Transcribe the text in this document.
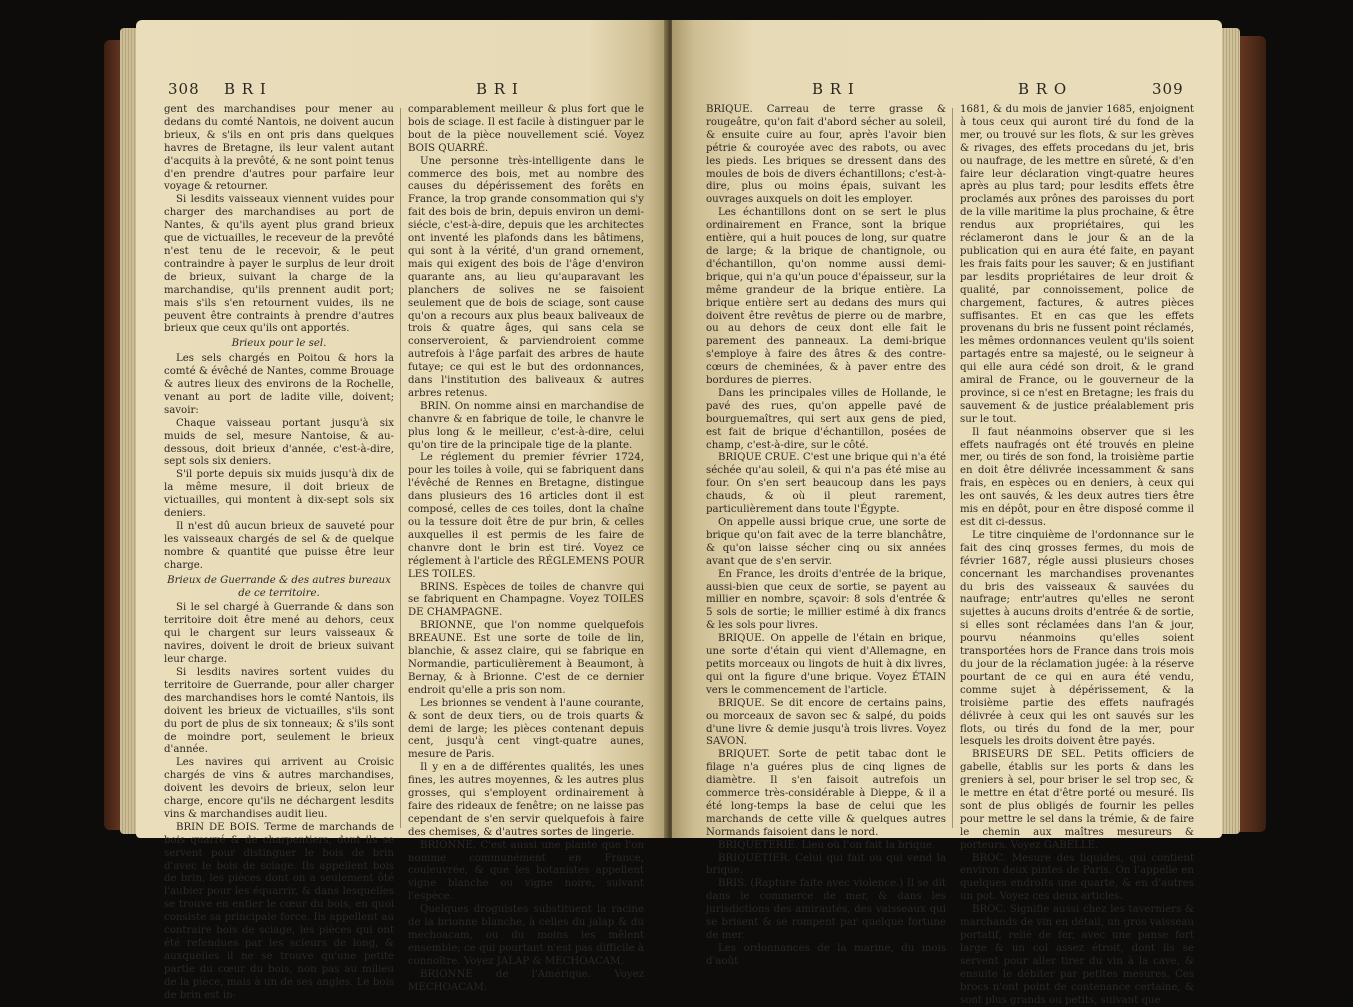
308 B R I	B R I

gent des marchandises pour mener au dedans du comté Nantois, ne doivent aucun brieux, & s'ils en ont pris dans quelques havres de Bretagne, ils leur valent autant d'acquits à la prevôté, & ne sont point tenus d'en prendre d'autres pour parfaire leur voyage & retourner.

Si lesdits vaisseaux viennent vuides pour charger des marchandises au port de Nantes, & qu'ils ayent plus grand brieux que de victuailles, le receveur de la prevôté n'est tenu de le recevoir, & le peut contraindre à payer le surplus de leur droit de brieux, suivant la charge de la marchandise, qu'ils prennent audit port; mais s'ils s'en retournent vuides, ils ne peuvent être contraints à prendre d'autres brieux que ceux qu'ils ont apportés.

Brieux pour le sel.

Les sels chargés en Poitou & hors la comté & évêché de Nantes, comme Brouage & autres lieux des environs de la Rochelle, venant au port de ladite ville, doivent; savoir:

Chaque vaisseau portant jusqu'à six muids de sel, mesure Nantoise, & au-dessous, doit brieux d'année, c'est-à-dire, sept sols six deniers.

S'il porte depuis six muids jusqu'à dix de la même mesure, il doit brieux de victuailles, qui montent à dix-sept sols six deniers.

Il n'est dû aucun brieux de sauveté pour les vaisseaux chargés de sel & de quelque nombre & quantité que puisse être leur charge.

Brieux de Guerrande & des autres bureaux de ce territoire.

Si le sel chargé à Guerrande & dans son territoire doit être mené au dehors, ceux qui le chargent sur leurs vaisseaux & navires, doivent le droit de brieux suivant leur charge.

Si lesdits navires sortent vuides du territoire de Guerrande, pour aller charger des marchandises hors le comté Nantois, ils doivent les brieux de victuailles, s'ils sont du port de plus de six tonneaux; & s'ils sont de moindre port, seulement le brieux d'année.

Les navires qui arrivent au Croisic chargés de vins & autres marchandises, doivent les devoirs de brieux, selon leur charge, encore qu'ils ne déchargent lesdits vins & marchandises audit lieu.

BRIN DE BOIS. Terme de marchands de bois quarré & de charpentiers, dont ils se servent pour distinguer le bois de brin d'avec le bois de sciage. Ils appellent bois de brin, les pièces dont on a seulement ôté l'aubier pour les équarrir, & dans lesquelles se trouve en entier le cœur du bois, en quoi consiste sa principale force. Ils appellent au contraire bois de sciage, les pièces qui ont été refendues par les scieurs de long, & auxquelles il ne se trouve qu'une petite partie du cœur du bois, non pas au milieu de la pièce, mais à un de ses angles. Le bois de brin est in-

comparablement meilleur & plus fort que le bois de sciage. Il est facile à distinguer par le bout de la pièce nouvellement scié. Voyez BOIS QUARRÉ.

Une personne très-intelligente dans le commerce des bois, met au nombre des causes du dépérissement des forêts en France, la trop grande consommation qui s'y fait des bois de brin, depuis environ un demi-siécle, c'est-à-dire, depuis que les architectes ont inventé les plafonds dans les bâtimens, qui sont à la vérité, d'un grand ornement, mais qui exigent des bois de l'âge d'environ quarante ans, au lieu qu'auparavant les planchers de solives ne se faisoient seulement que de bois de sciage, sont cause qu'on a recours aux plus beaux baliveaux de trois & quatre âges, qui sans cela se conserveroient, & parviendroient comme autrefois à l'âge parfait des arbres de haute futaye; ce qui est le but des ordonnances, dans l'institution des baliveaux & autres arbres retenus.

BRIN. On nomme ainsi en marchandise de chanvre & en fabrique de toile, le chanvre le plus long & le meilleur, c'est-à-dire, celui qu'on tire de la principale tige de la plante.

Le réglement du premier février 1724, pour les toiles à voile, qui se fabriquent dans l'évêché de Rennes en Bretagne, distingue dans plusieurs des 16 articles dont il est composé, celles de ces toiles, dont la chaîne ou la tessure doit être de pur brin, & celles auxquelles il est permis de les faire de chanvre dont le brin est tiré. Voyez ce réglement à l'article des RÉGLEMENS POUR LES TOILES.

BRINS. Espèces de toiles de chanvre qui se fabriquent en Champagne. Voyez TOILES DE CHAMPAGNE.

BRIONNE, que l'on nomme quelquefois BREAUNE. Est une sorte de toile de lin, blanchie, & assez claire, qui se fabrique en Normandie, particulièrement à Beaumont, à Bernay, & à Brionne. C'est de ce dernier endroit qu'elle a pris son nom.

Les brionnes se vendent à l'aune courante, & sont de deux tiers, ou de trois quarts & demi de large; les pièces contenant depuis cent, jusqu'à cent vingt-quatre aunes, mesure de Paris.

Il y en a de différentes qualités, les unes fines, les autres moyennes, & les autres plus grosses, qui s'employent ordinairement à faire des rideaux de fenêtre; on ne laisse pas cependant de s'en servir quelquefois à faire des chemises, & d'autres sortes de lingerie.

BRIONNE. C'est aussi une plante que l'on nomme communément en France, couleuvrée, & que les botanistes appellent vigne blanche ou vigne noire, suivant l'espèce.

Quelques droguistes substituent la racine de la brionne blanche, à celles du jalap & du mechoacam, ou du moins les mêlent ensemble; ce qui pourtant n'est pas difficile à connoître. Voyez JALAP & MECHOACAM.

BRIONNE de l'Amérique. Voyez MECHOACAM.

B R I	B R O	309

BRIQUE. Carreau de terre grasse & rougeâtre, qu'on fait d'abord sécher au soleil, & ensuite cuire au four, après l'avoir bien pétrie & couroyée avec des rabots, ou avec les pieds. Les briques se dressent dans des moules de bois de divers échantillons; c'est-à-dire, plus ou moins épais, suivant les ouvrages auxquels on doit les employer.

Les échantillons dont on se sert le plus ordinairement en France, sont la brique entière, qui a huit pouces de long, sur quatre de large; & la brique de chantignole, ou d'échantillon, qu'on nomme aussi demi-brique, qui n'a qu'un pouce d'épaisseur, sur la même grandeur de la brique entière. La brique entière sert au dedans des murs qui doivent être revêtus de pierre ou de marbre, ou au dehors de ceux dont elle fait le parement des panneaux. La demi-brique s'employe à faire des âtres & des contre-cœurs de cheminées, & à paver entre des bordures de pierres.

Dans les principales villes de Hollande, le pavé des rues, qu'on appelle pavé de bourguemaîtres, qui sert aux gens de pied, est fait de brique d'échantillon, posées de champ, c'est-à-dire, sur le côté.

BRIQUE CRUE. C'est une brique qui n'a été séchée qu'au soleil, & qui n'a pas été mise au four. On s'en sert beaucoup dans les pays chauds, & où il pleut rarement, particulièrement dans toute l'Égypte.

On appelle aussi brique crue, une sorte de brique qu'on fait avec de la terre blanchâtre, & qu'on laisse sécher cinq ou six années avant que de s'en servir.

En France, les droits d'entrée de la brique, aussi-bien que ceux de sortie, se payent au millier en nombre, sçavoir: 8 sols d'entrée & 5 sols de sortie; le millier estimé à dix francs & les sols pour livres.

BRIQUE. On appelle de l'étain en brique, une sorte d'étain qui vient d'Allemagne, en petits morceaux ou lingots de huit à dix livres, qui ont la figure d'une brique. Voyez ÉTAIN vers le commencement de l'article.

BRIQUE. Se dit encore de certains pains, ou morceaux de savon sec & salpé, du poids d'une livre & demie jusqu'à trois livres. Voyez SAVON.

BRIQUET. Sorte de petit tabac dont le filage n'a guéres plus de cinq lignes de diamètre. Il s'en faisoit autrefois un commerce très-considérable à Dieppe, & il a été long-temps la base de celui que les marchands de cette ville & quelques autres Normands faisoient dans le nord.

BRIQUETERIE. Lieu où l'on fait la brique.

BRIQUETIER. Celui qui fait ou qui vend la brique.

BRIS. (Rapture faite avec violence.) Il se dit dans le commerce de mer, & dans les jurisdictions des amirautés, des vaisseaux qui se brisent & se rompent par quelque fortune de mer.

Les ordonnances de la marine, du mois d'août

1681, & du mois de janvier 1685, enjoignent à tous ceux qui auront tiré du fond de la mer, ou trouvé sur les flots, & sur les grèves & rivages, des effets procedans du jet, bris ou naufrage, de les mettre en sûreté, & d'en faire leur déclaration vingt-quatre heures après au plus tard; pour lesdits effets être proclamés aux prônes des paroisses du port de la ville maritime la plus prochaine, & être rendus aux propriétaires, qui les réclameront dans le jour & an de la publication qui en aura été faite, en payant les frais faits pour les sauver; & en justifiant par lesdits propriétaires de leur droit & qualité, par connoissement, police de chargement, factures, & autres pièces suffisantes. Et en cas que les effets provenans du bris ne fussent point réclamés, les mêmes ordonnances veulent qu'ils soient partagés entre sa majesté, ou le seigneur à qui elle aura cédé son droit, & le grand amiral de France, ou le gouverneur de la province, si ce n'est en Bretagne; les frais du sauvement & de justice préalablement pris sur le tout.

Il faut néanmoins observer que si les effets naufragés ont été trouvés en pleine mer, ou tirés de son fond, la troisième partie en doit être délivrée incessamment & sans frais, en espèces ou en deniers, à ceux qui les ont sauvés, & les deux autres tiers être mis en dépôt, pour en être disposé comme il est dit ci-dessus.

Le titre cinquième de l'ordonnance sur le fait des cinq grosses fermes, du mois de février 1687, régle aussi plusieurs choses concernant les marchandises provenantes du bris des vaisseaux & sauvées du naufrage; entr'autres qu'elles ne seront sujettes à aucuns droits d'entrée & de sortie, si elles sont réclamées dans l'an & jour, pourvu néanmoins qu'elles soient transportées hors de France dans trois mois du jour de la réclamation jugée: à la réserve pourtant de ce qui en aura été vendu, comme sujet à dépérissement, & la troisième partie des effets naufragés délivrée à ceux qui les ont sauvés sur les flots, ou tirés du fond de la mer, pour lesquels les droits doivent être payés.

BRISEURS DE SEL. Petits officiers de gabelle, établis sur les ports & dans les greniers à sel, pour briser le sel trop sec, & le mettre en état d'être porté ou mesuré. Ils sont de plus obligés de fournir les pelles pour mettre le sel dans la trémie, & de faire le chemin aux maîtres mesureurs & porteurs. Voyez GABELLE.

BROC. Mesure des liquides, qui contient environ deux pintes de Paris. On l'appelle en quelques endroits une quarte, & en d'autres un pot. Voyez ces deux articles.

BROC. Signifie aussi chez les taverniers & marchands de vin en détail, un gros vaisseau portatif, relié de fer, avec une panse fort large & un col assez étroit, dont ils se servent pour aller tirer du vin à la cave, & ensuite le débiter par petites mesures. Ces brocs n'ont point de contenance certaine, & sont plus grands ou petits, suivant que
